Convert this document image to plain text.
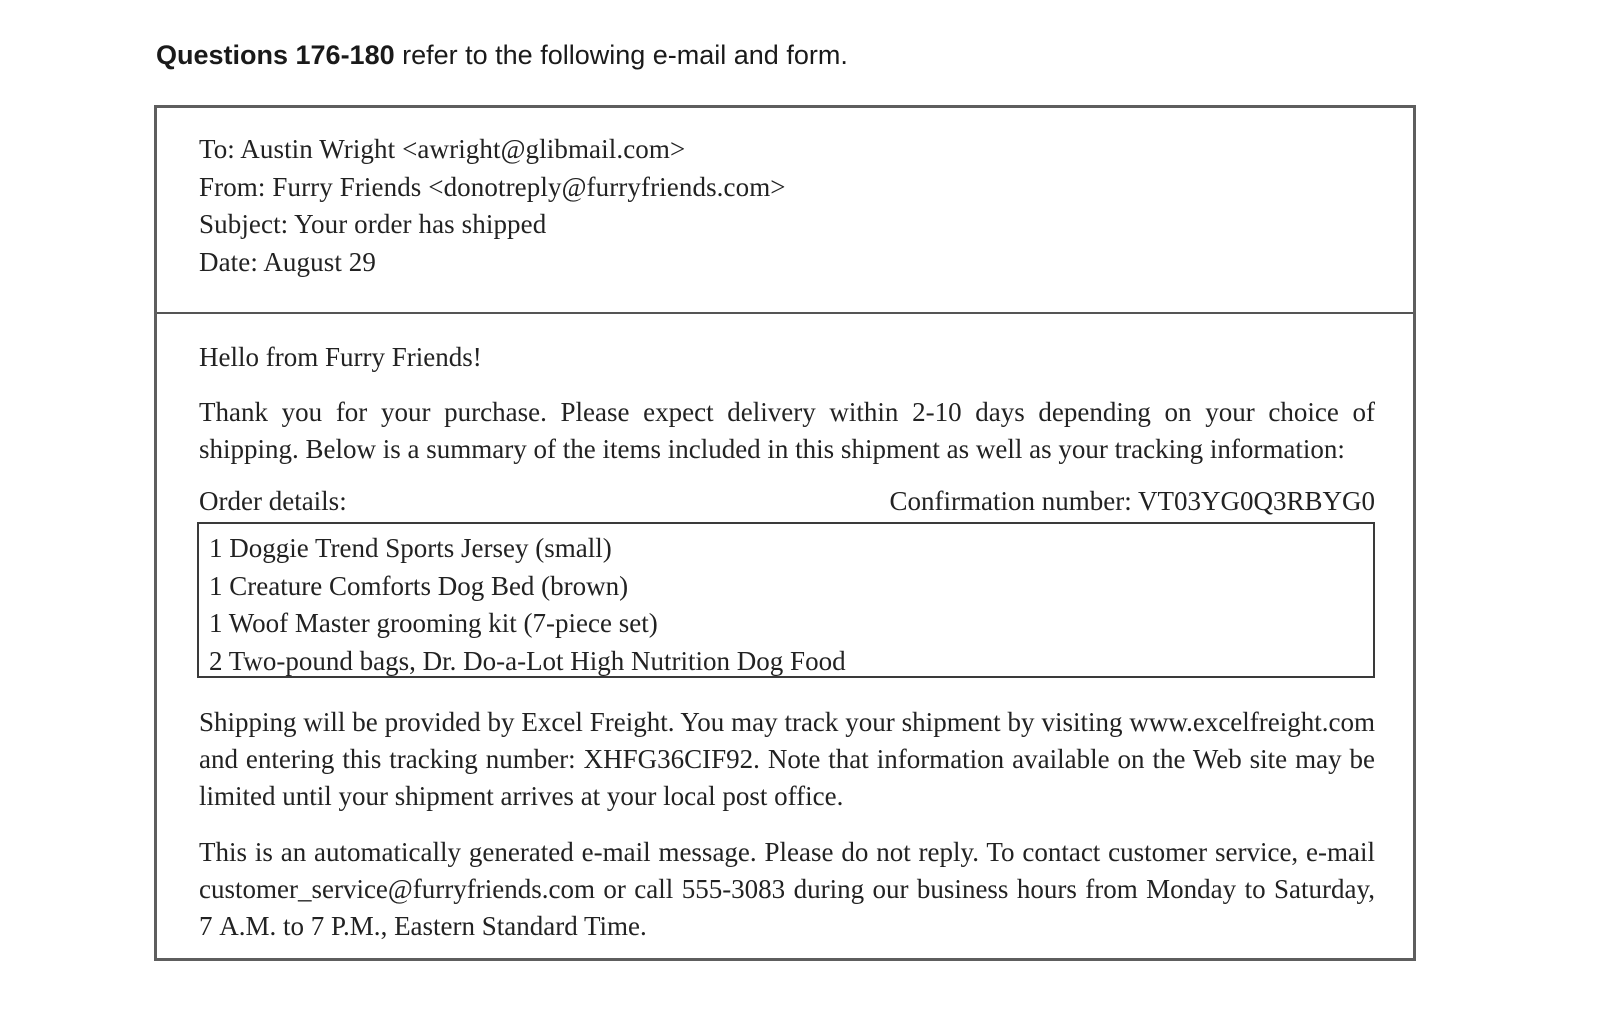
Questions 176-180 refer to the following e-mail and form.
To: Austin Wright <awright@glibmail.com>
From: Furry Friends <donotreply@furryfriends.com>
Subject: Your order has shipped
Date: August 29
Hello from Furry Friends!
Thank you for your purchase. Please expect delivery within 2-10 days depending on your choice of shipping. Below is a summary of the items included in this shipment as well as your tracking information:
Order details:	Confirmation number: VT03YG0Q3RBYG0
1 Doggie Trend Sports Jersey (small)
1 Creature Comforts Dog Bed (brown)
1 Woof Master grooming kit (7-piece set)
2 Two-pound bags, Dr. Do-a-Lot High Nutrition Dog Food
Shipping will be provided by Excel Freight. You may track your shipment by visiting www.excelfreight.com and entering this tracking number: XHFG36CIF92. Note that information available on the Web site may be limited until your shipment arrives at your local post office.
This is an automatically generated e-mail message. Please do not reply. To contact customer service, e-mail customer_service@furryfriends.com or call 555-3083 during our business hours from Monday to Saturday, 7 A.M. to 7 P.M., Eastern Standard Time.
